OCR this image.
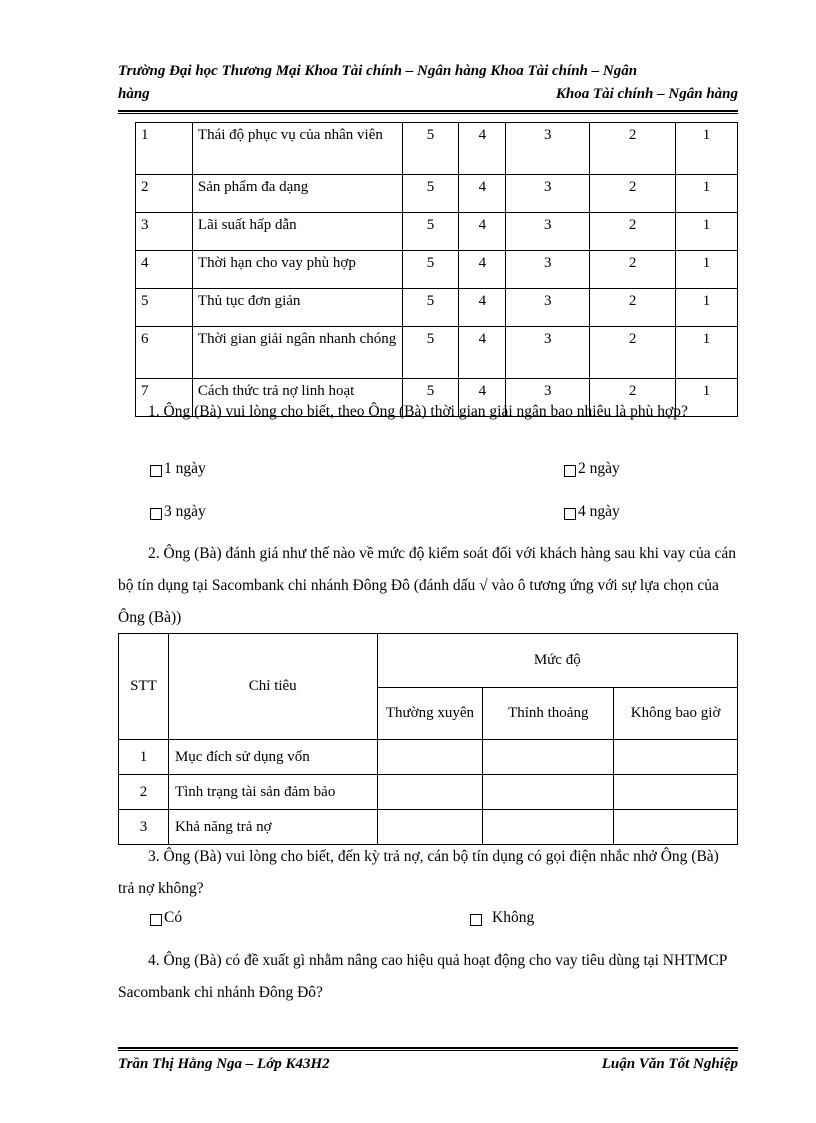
Trường Đại học Thương Mại Khoa Tài chính – Ngân hàng Khoa Tài chính – Ngân
hàng	Khoa Tài chính – Ngân hàng
1	Thái độ phục vụ của nhân viên	5	4	3	2	1
2	Sản phẩm đa dạng	5	4	3	2	1
3	Lãi suất hấp dẫn	5	4	3	2	1
4	Thời hạn cho vay phù hợp	5	4	3	2	1
5	Thủ tục đơn giản	5	4	3	2	1
6	Thời gian giải ngân nhanh chóng	5	4	3	2	1
7	Cách thức trả nợ linh hoạt	5	4	3	2	1
1. Ông (Bà) vui lòng cho biết, theo Ông (Bà) thời gian giải ngân bao nhiêu là phù hợp?
1 ngày	2 ngày
3 ngày	4 ngày
2. Ông (Bà) đánh giá như thế nào về mức độ kiểm soát đối với khách hàng sau khi vay của cán bộ tín dụng tại Sacombank chi nhánh Đông Đô (đánh dấu √ vào ô tương ứng với sự lựa chọn của Ông (Bà))
STT	Chỉ tiêu	Mức độ		
		Thường xuyên	Thỉnh thoảng	Không bao giờ
1	Mục đích sử dụng vốn			
2	Tình trạng tài sản đảm bảo			
3	Khả năng trả nợ			
3. Ông (Bà) vui lòng cho biết, đến kỳ trả nợ, cán bộ tín dụng có gọi điện nhắc nhở Ông (Bà) trả nợ không?
Có	Không
4. Ông (Bà) có đề xuất gì nhằm nâng cao hiệu quả hoạt động cho vay tiêu dùng tại NHTMCP Sacombank chi nhánh Đông Đô?
Trần Thị Hằng Nga – Lớp K43H2	Luận Văn Tốt Nghiệp
